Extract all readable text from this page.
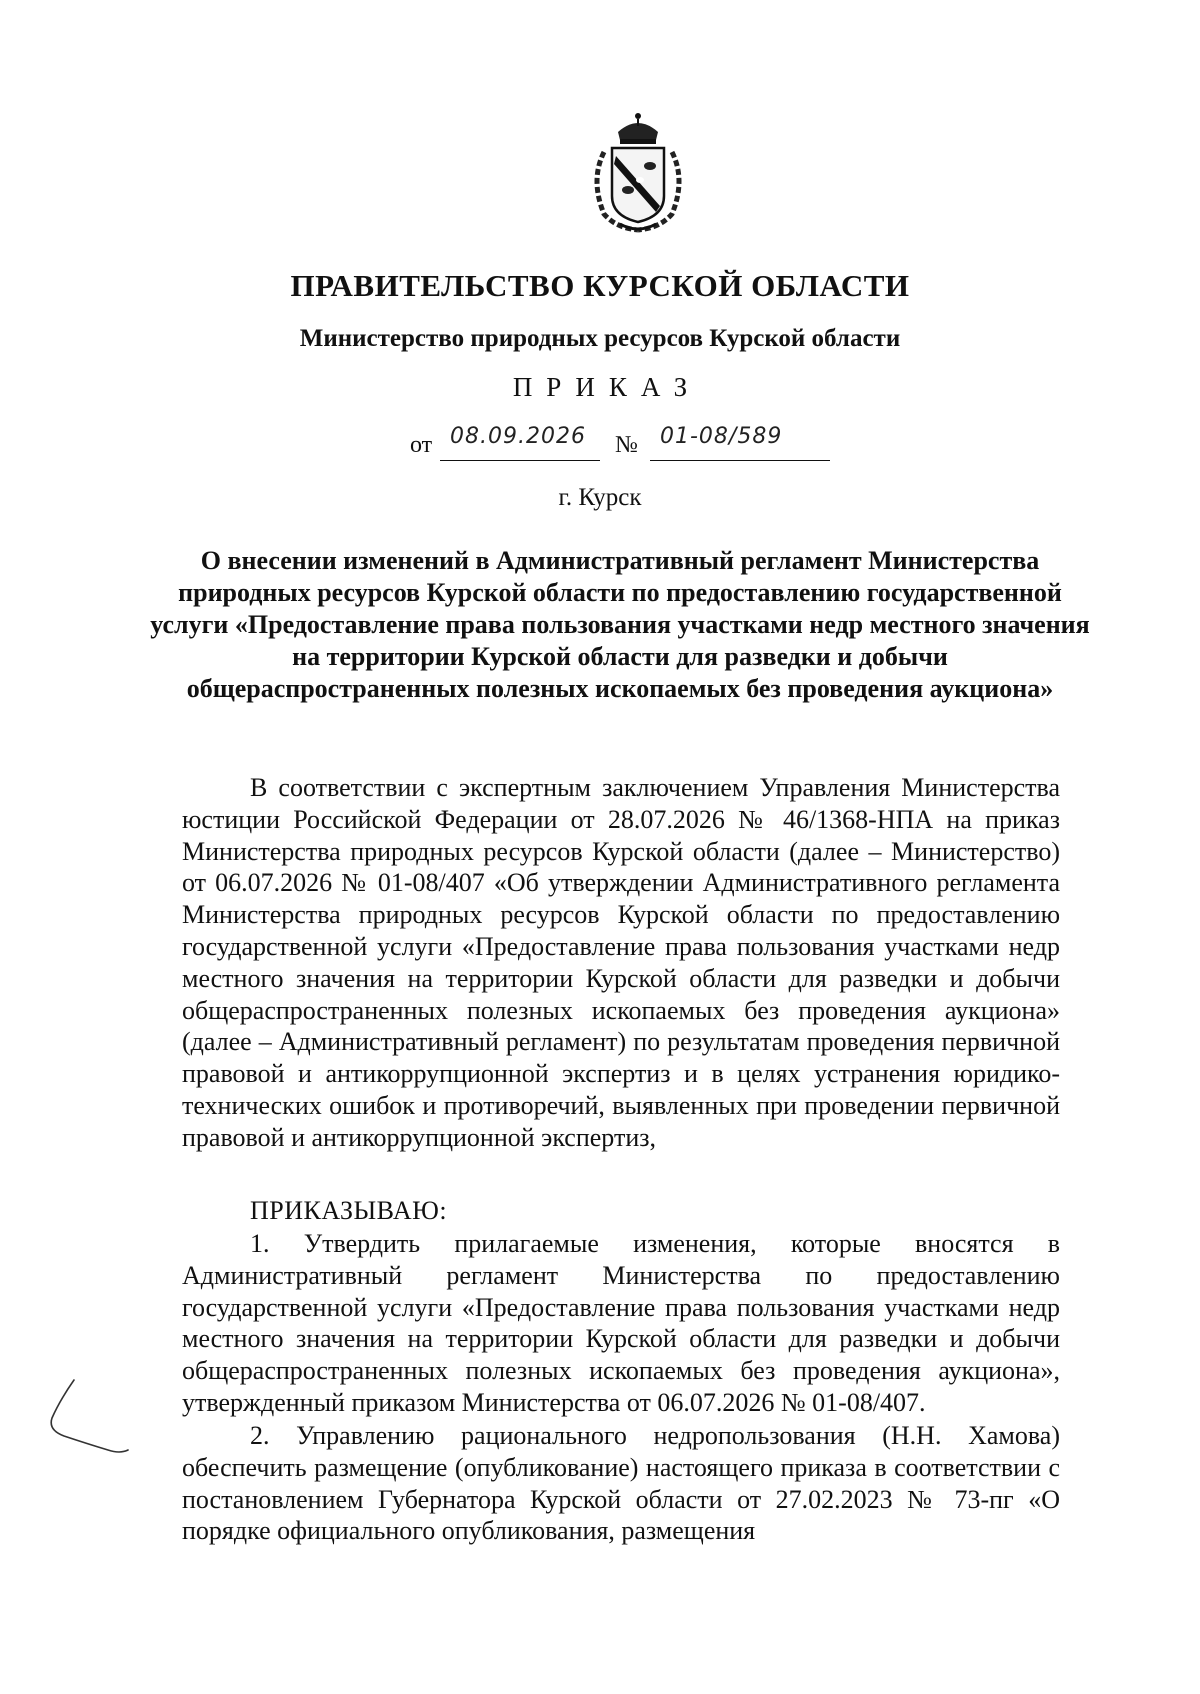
ПРАВИТЕЛЬСТВО КУРСКОЙ ОБЛАСТИ
Министерство природных ресурсов Курской области
ПРИКАЗ
от 08.09.2026 № 01-08/589
г. Курск

О внесении изменений в Административный регламент Министерства природных ресурсов Курской области по предоставлению государственной услуги «Предоставление права пользования участками недр местного значения на территории Курской области для разведки и добычи общераспространенных полезных ископаемых без проведения аукциона»

В соответствии с экспертным заключением Управления Министерства юстиции Российской Федерации от 28.07.2026 № 46/1368-НПА на приказ Министерства природных ресурсов Курской области (далее – Министерство) от 06.07.2026 № 01-08/407 «Об утверждении Административного регламента Министерства природных ресурсов Курской области по предоставлению государственной услуги «Предоставление права пользования участками недр местного значения на территории Курской области для разведки и добычи общераспространенных полезных ископаемых без проведения аукциона» (далее – Административный регламент) по результатам проведения первичной правовой и антикоррупционной экспертиз и в целях устранения юридико-технических ошибок и противоречий, выявленных при проведении первичной правовой и антикоррупционной экспертиз,

ПРИКАЗЫВАЮ:

1. Утвердить прилагаемые изменения, которые вносятся в Административный регламент Министерства по предоставлению государственной услуги «Предоставление права пользования участками недр местного значения на территории Курской области для разведки и добычи общераспространенных полезных ископаемых без проведения аукциона», утвержденный приказом Министерства от 06.07.2026 № 01-08/407.

2. Управлению рационального недропользования (Н.Н. Хамова) обеспечить размещение (опубликование) настоящего приказа в соответствии с постановлением Губернатора Курской области от 27.02.2023 № 73-пг «О порядке официального опубликования, размещения
